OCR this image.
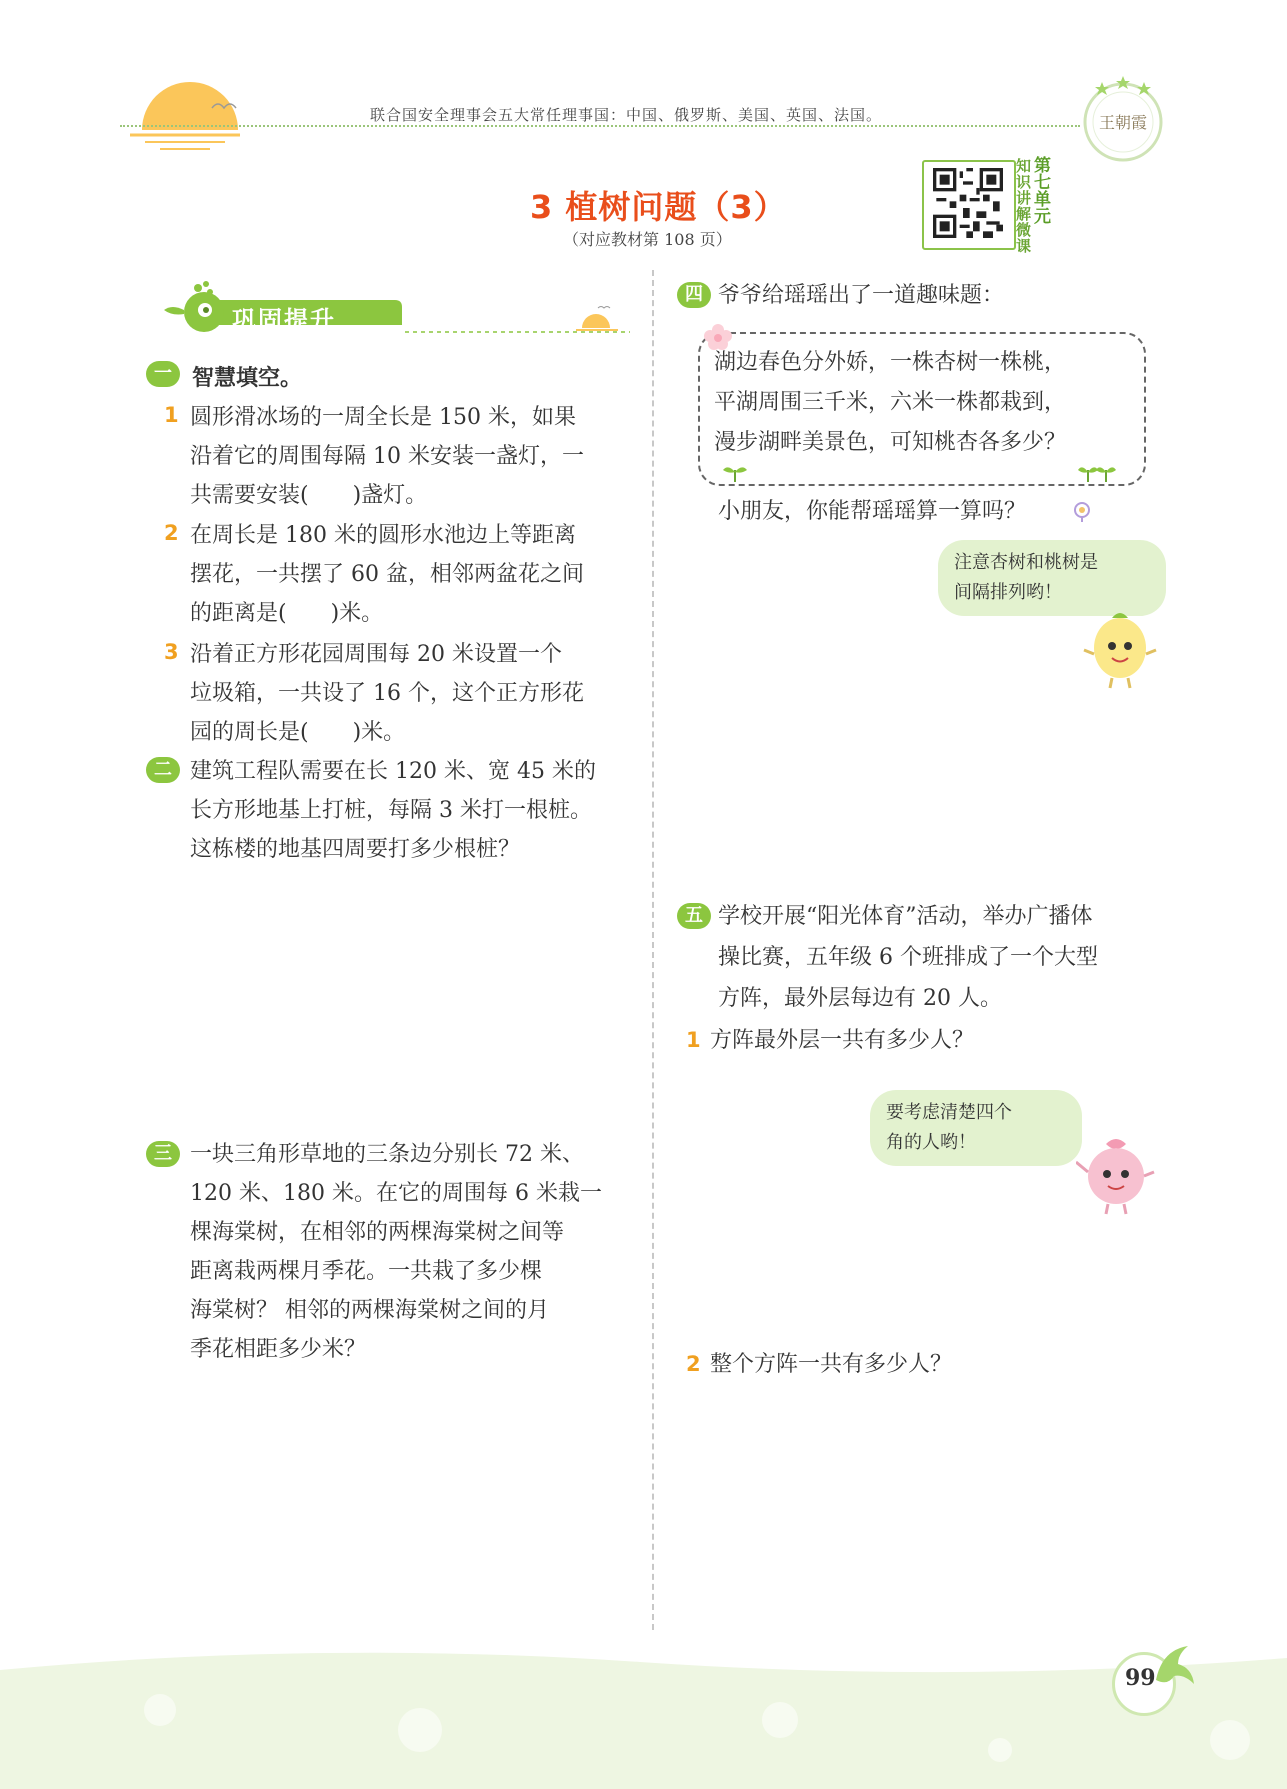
联合国安全理事会五大常任理事国：中国、俄罗斯、美国、英国、法国。	王朝霞
3 植树问题（3）
（对应教材第 108 页）
知识讲解微课
第七单元
巩固提升
一 智慧填空。
1 圆形滑冰场的一周全长是 150 米，如果
沿着它的周围每隔 10 米安装一盏灯，一
共需要安装(　　)盏灯。
2 在周长是 180 米的圆形水池边上等距离
摆花，一共摆了 60 盆，相邻两盆花之间
的距离是(　　)米。
3 沿着正方形花园周围每 20 米设置一个
垃圾箱，一共设了 16 个，这个正方形花
园的周长是(　　)米。
二 建筑工程队需要在长 120 米、宽 45 米的
长方形地基上打桩，每隔 3 米打一根桩。
这栋楼的地基四周要打多少根桩？
三 一块三角形草地的三条边分别长 72 米、
120 米、180 米。在它的周围每 6 米栽一
棵海棠树，在相邻的两棵海棠树之间等
距离栽两棵月季花。一共栽了多少棵
海棠树？ 相邻的两棵海棠树之间的月
季花相距多少米？
四 爷爷给瑶瑶出了一道趣味题：
湖边春色分外娇，一株杏树一株桃，
平湖周围三千米，六米一株都栽到，
漫步湖畔美景色，可知桃杏各多少？
小朋友，你能帮瑶瑶算一算吗？
注意杏树和桃树是
间隔排列哟！
五 学校开展“阳光体育”活动，举办广播体
操比赛，五年级 6 个班排成了一个大型
方阵，最外层每边有 20 人。
1 方阵最外层一共有多少人？
要考虑清楚四个
角的人哟！
2 整个方阵一共有多少人？
99
